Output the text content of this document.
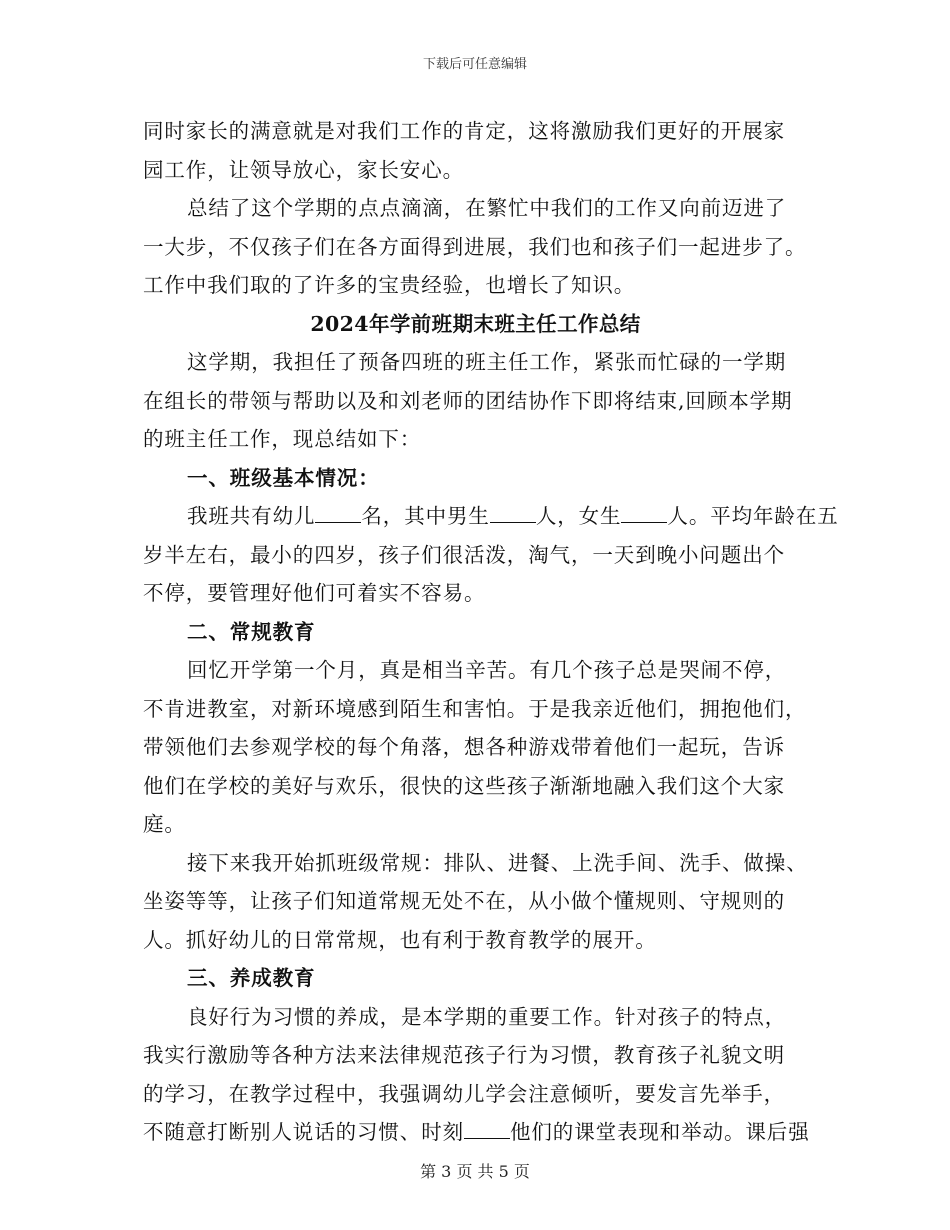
下载后可任意编辑
同时家长的满意就是对我们工作的肯定，这将激励我们更好的开展家
园工作，让领导放心，家长安心。
总结了这个学期的点点滴滴，在繁忙中我们的工作又向前迈进了
一大步，不仅孩子们在各方面得到进展，我们也和孩子们一起进步了。
工作中我们取的了许多的宝贵经验，也增长了知识。
2024年学前班期末班主任工作总结
这学期，我担任了预备四班的班主任工作，紧张而忙碌的一学期
在组长的带领与帮助以及和刘老师的团结协作下即将结束,回顾本学期
的班主任工作，现总结如下：
一、班级基本情况：
我班共有幼儿 名，其中男生 人，女生 人。平均年龄在五
岁半左右，最小的四岁，孩子们很活泼，淘气，一天到晚小问题出个
不停，要管理好他们可着实不容易。
二、常规教育
回忆开学第一个月，真是相当辛苦。有几个孩子总是哭闹不停，
不肯进教室，对新环境感到陌生和害怕。于是我亲近他们，拥抱他们，
带领他们去参观学校的每个角落，想各种游戏带着他们一起玩，告诉
他们在学校的美好与欢乐，很快的这些孩子渐渐地融入我们这个大家
庭。
接下来我开始抓班级常规：排队、进餐、上洗手间、洗手、做操、
坐姿等等，让孩子们知道常规无处不在，从小做个懂规则、守规则的
人。抓好幼儿的日常常规，也有利于教育教学的展开。
三、养成教育
良好行为习惯的养成，是本学期的重要工作。针对孩子的特点，
我实行激励等各种方法来法律规范孩子行为习惯，教育孩子礼貌文明
的学习，在教学过程中，我强调幼儿学会注意倾听，要发言先举手，
不随意打断别人说话的习惯、时刻 他们的课堂表现和举动。课后强
第 3 页 共 5 页
